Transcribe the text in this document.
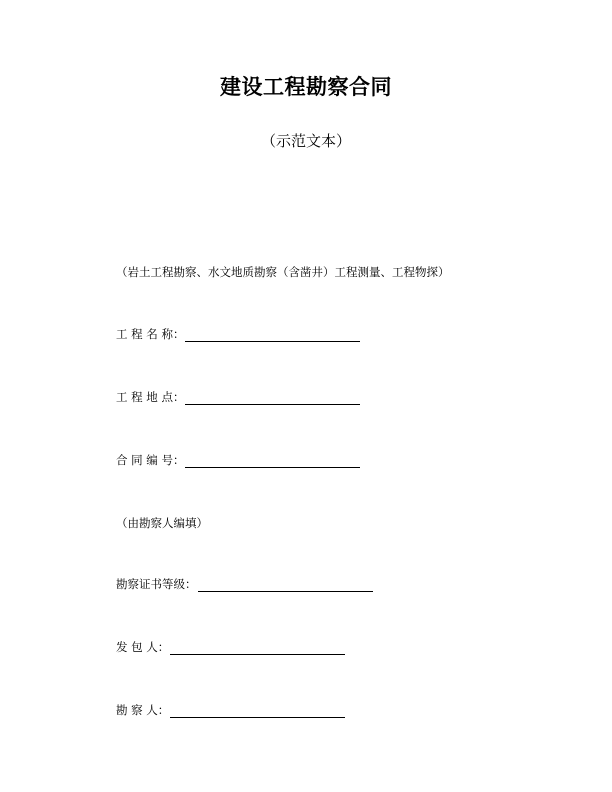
建设工程勘察合同
（示范文本）
（岩土工程勘察、水文地质勘察（含凿井）工程测量、工程物探）
工 程 名 称：
工 程 地 点：
合 同 编 号：
（由勘察人编填）
勘察证书等级：
发 包 人：
勘 察 人：
